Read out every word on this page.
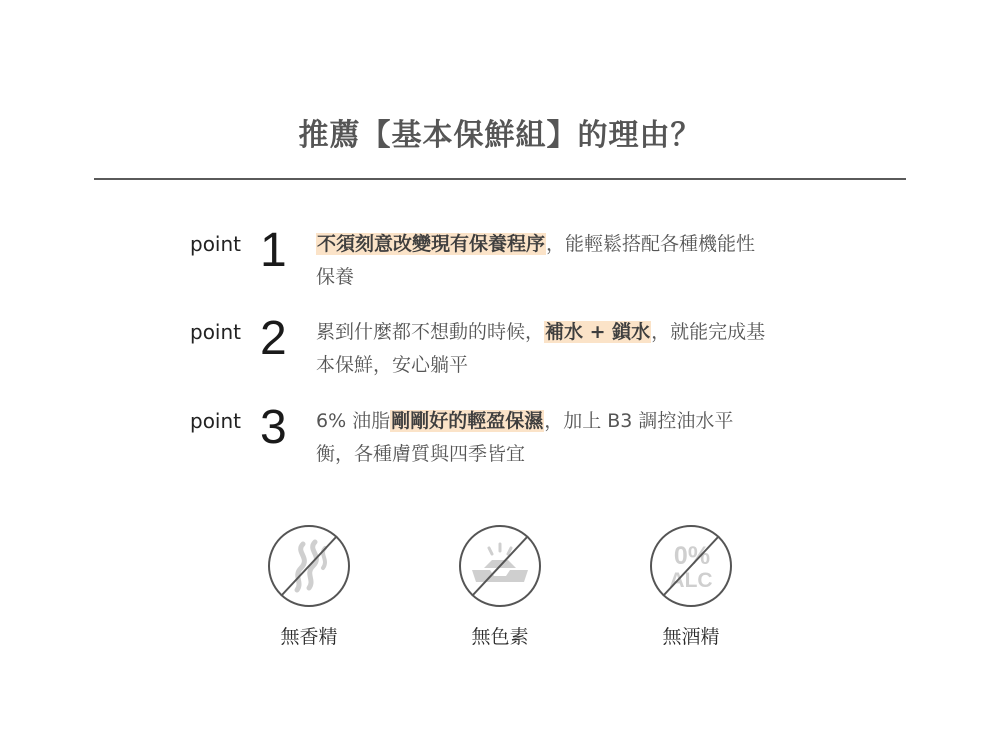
推薦【基本保鮮組】的理由？
point 1 不須刻意改變現有保養程序，能輕鬆搭配各種機能性保養
point 2 累到什麼都不想動的時候，補水 + 鎖水，就能完成基本保鮮，安心躺平
point 3 6% 油脂剛剛好的輕盈保濕，加上 B3 調控油水平衡，各種膚質與四季皆宜
無香精	無色素
0%
ALC
無酒精
